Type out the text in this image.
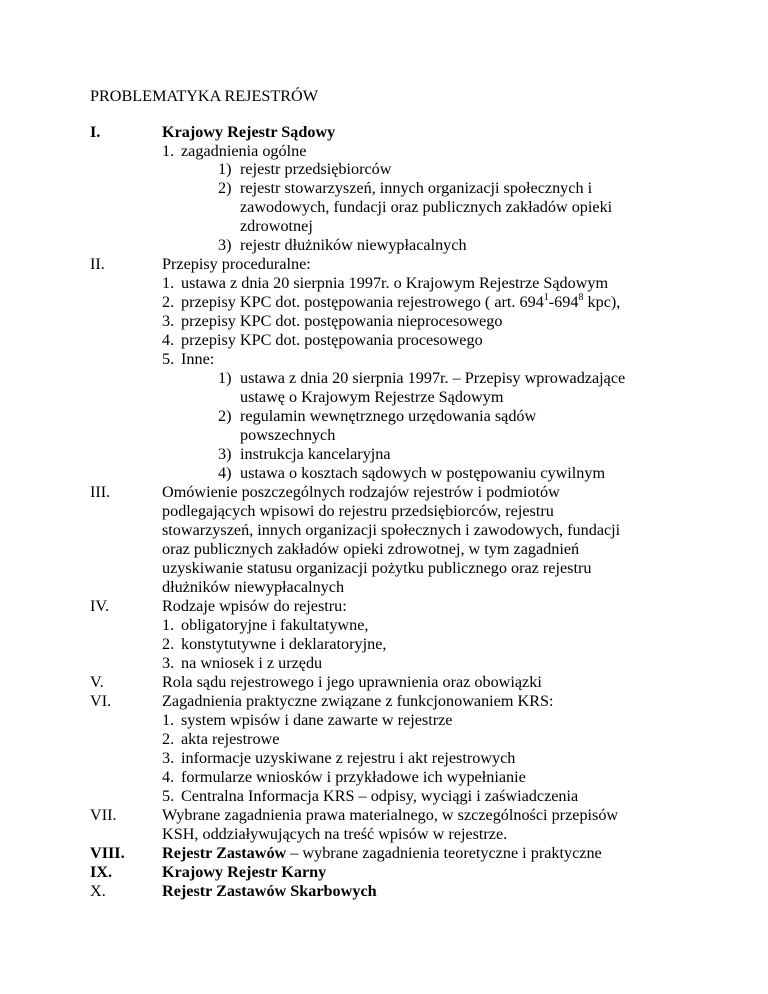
PROBLEMATYKA REJESTRÓW
I.	Krajowy Rejestr Sądowy
1. zagadnienia ogólne
1) rejestr przedsiębiorców
2) rejestr stowarzyszeń, innych organizacji społecznych i
zawodowych, fundacji oraz publicznych zakładów opieki
zdrowotnej
3) rejestr dłużników niewypłacalnych
II.	Przepisy proceduralne:
1. ustawa z dnia 20 sierpnia 1997r. o Krajowym Rejestrze Sądowym
2. przepisy KPC dot. postępowania rejestrowego ( art. $694^1-694^8$ kpc),
3. przepisy KPC dot. postępowania nieprocesowego
4. przepisy KPC dot. postępowania procesowego
5. Inne:
1) ustawa z dnia 20 sierpnia 1997r. – Przepisy wprowadzające
ustawę o Krajowym Rejestrze Sądowym
2) regulamin wewnętrznego urzędowania sądów
powszechnych
3) instrukcja kancelaryjna
4) ustawa o kosztach sądowych w postępowaniu cywilnym
III.	Omówienie poszczególnych rodzajów rejestrów i podmiotów
podlegających wpisowi do rejestru przedsiębiorców, rejestru
stowarzyszeń, innych organizacji społecznych i zawodowych, fundacji
oraz publicznych zakładów opieki zdrowotnej, w tym zagadnień
uzyskiwanie statusu organizacji pożytku publicznego oraz rejestru
dłużników niewypłacalnych
IV.	Rodzaje wpisów do rejestru:
1. obligatoryjne i fakultatywne,
2. konstytutywne i deklaratoryjne,
3. na wniosek i z urzędu
V.	Rola sądu rejestrowego i jego uprawnienia oraz obowiązki
VI.	Zagadnienia praktyczne związane z funkcjonowaniem KRS:
1. system wpisów i dane zawarte w rejestrze
2. akta rejestrowe
3. informacje uzyskiwane z rejestru i akt rejestrowych
4. formularze wniosków i przykładowe ich wypełnianie
5. Centralna Informacja KRS – odpisy, wyciągi i zaświadczenia
VII.	Wybrane zagadnienia prawa materialnego, w szczególności przepisów
KSH, oddziaływujących na treść wpisów w rejestrze.
VIII. Rejestr Zastawów – wybrane zagadnienia teoretyczne i praktyczne
IX.	Krajowy Rejestr Karny
X.	Rejestr Zastawów Skarbowych
